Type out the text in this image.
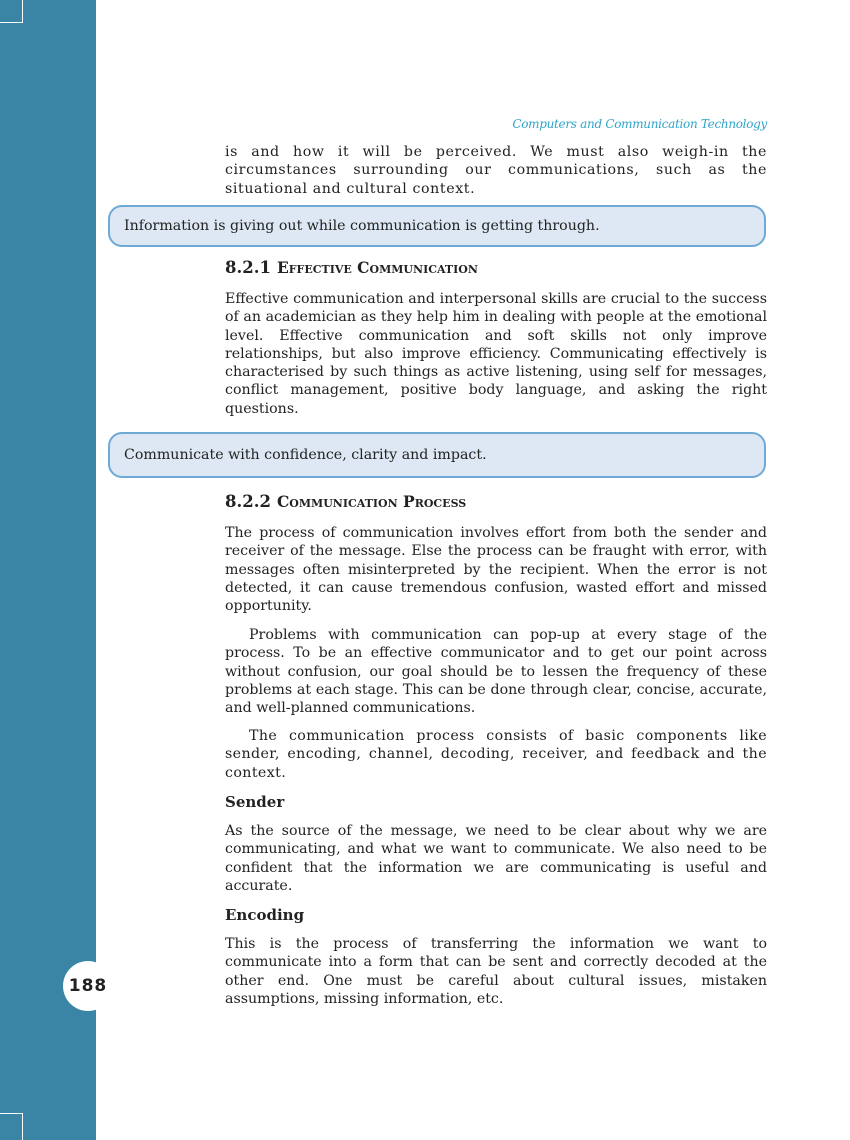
188
Computers and Communication Technology

is and how it will be perceived. We must also weigh-in the circumstances surrounding our communications, such as the situational and cultural context.

Information is giving out while communication is getting through.
8.2.1 Effective Communication

Effective communication and interpersonal skills are crucial to the success of an academician as they help him in dealing with people at the emotional level. Effective communication and soft skills not only improve relationships, but also improve efficiency. Communicating effectively is characterised by such things as active listening, using self for messages, conflict management, positive body language, and asking the right questions.

Communicate with confidence, clarity and impact.
8.2.2 Communication Process

The process of communication involves effort from both the sender and receiver of the message. Else the process can be fraught with error, with messages often misinterpreted by the recipient. When the error is not detected, it can cause tremendous confusion, wasted effort and missed opportunity.

Problems with communication can pop-up at every stage of the process. To be an effective communicator and to get our point across without confusion, our goal should be to lessen the frequency of these problems at each stage. This can be done through clear, concise, accurate, and well-planned communications.

The communication process consists of basic components like sender, encoding, channel, decoding, receiver, and feedback and the context.

Sender

As the source of the message, we need to be clear about why we are communicating, and what we want to communicate. We also need to be confident that the information we are communicating is useful and accurate.

Encoding

This is the process of transferring the information we want to communicate into a form that can be sent and correctly decoded at the other end. One must be careful about cultural issues, mistaken assumptions, missing information, etc.
